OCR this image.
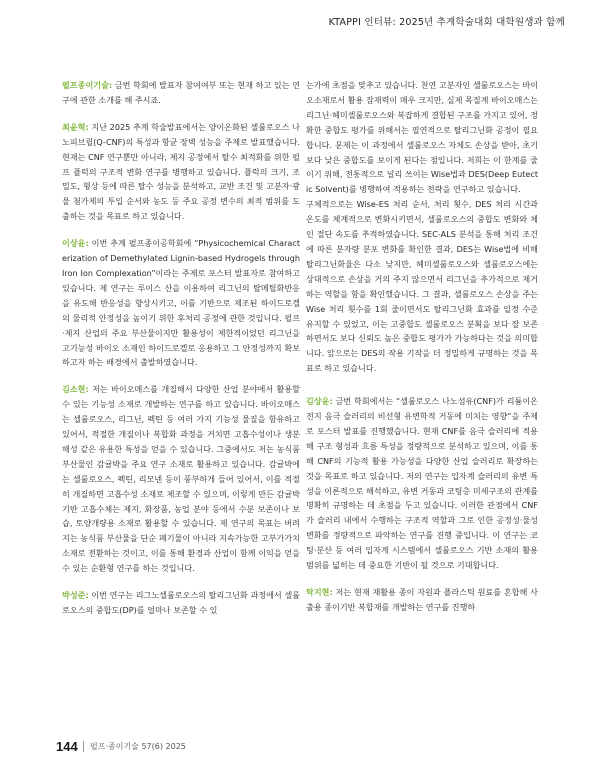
KTAPPI 인터뷰: 2025년 추계학술대회 대학원생과 함께

펄프종이기술: 금번 학회에 발표자 참여여부 또는 현재 하고 있는 연구에 관한 소개를 해 주시죠.

최윤혁: 지난 2025 추계 학술발표에서는 양이온화된 셀룰로오스 나노피브릴(Q-CNF)의 특성과 항균 장벽 성능을 주제로 발표했습니다. 현재는 CNF 연구뿐만 아니라, 제지 공정에서 탈수 최적화를 위한 펄프 플럭의 구조적 변화 연구를 병행하고 있습니다. 플럭의 크기, 조밀도, 형상 등에 따른 탈수 성능을 분석하고, 교반 조건 및 고분자·광물 첨가제의 투입 순서와 농도 등 주요 공정 변수의 최적 범위를 도출하는 것을 목표로 하고 있습니다.

이상윤: 이번 추계 펄프종이공학회에 “Physicochemical Characterization of Demethylated Lignin-based Hydrogels through Iron Ion Complexation”이라는 주제로 포스터 발표자로 참여하고 있습니다. 제 연구는 루이스 산을 이용하여 리그닌의 탈메틸화반응을 유도해 반응성을 향상시키고, 이를 기반으로 제조된 하이드로겔의 물리적 안정성을 높이기 위한 후처리 공정에 관한 것입니다. 펄프·제지 산업의 주요 부산물이지만 활용성이 제한적이었던 리그닌을 고기능성 바이오 소재인 하이드로겔로 응용하고 그 안정성까지 확보하고자 하는 배경에서 출발하였습니다.

김소현: 저는 바이오매스를 개질해서 다양한 산업 분야에서 활용할 수 있는 기능성 소재로 개발하는 연구를 하고 있습니다. 바이오매스는 셀룰로오스, 리그닌, 펙틴 등 여러 가지 기능성 물질을 함유하고 있어서, 적절한 개질이나 복합화 과정을 거치면 고흡수성이나 생분해성 같은 유용한 특성을 얻을 수 있습니다. 그중에서도 저는 농식품 부산물인 감귤박을 주요 연구 소재로 활용하고 있습니다. 감귤박에는 셀룰로오스, 펙틴, 리모넨 등이 풍부하게 들어 있어서, 이를 적절히 개질하면 고흡수성 소재로 제조할 수 있으며, 이렇게 만든 감귤박 기반 고흡수체는 제지, 화장품, 농업 분야 등에서 수분 보존이나 보습, 토양개량용 소재로 활용할 수 있습니다. 제 연구의 목표는 버려지는 농식품 부산물을 단순 폐기물이 아니라 지속가능한 고부가가치 소재로 전환하는 것이고, 이를 통해 환경과 산업이 함께 이익을 얻을 수 있는 순환형 연구를 하는 것입니다.

박성준: 이번 연구는 리그노셀룰로오스의 탈리그닌화 과정에서 셀룰로오스의 중합도(DP)를 얼마나 보존할 수 있

는가에 초점을 맞추고 있습니다. 천연 고분자인 셀룰로오스는 바이오소재로서 활용 잠재력이 매우 크지만, 실제 목질계 바이오매스는 리그닌·헤미셀룰로오스와 복잡하게 결합된 구조를 가지고 있어, 정확한 중합도 평가를 위해서는 필연적으로 탈리그닌화 공정이 필요합니다. 문제는 이 과정에서 셀룰로오스 자체도 손상을 받아, 초기보다 낮은 중합도를 보이게 된다는 점입니다. 저희는 이 한계를 줄이기 위해, 전통적으로 널리 쓰이는 Wise법과 DES(Deep Eutectic Solvent)를 병행하여 적용하는 전략을 연구하고 있습니다.

구체적으로는 Wise-ES 처리 순서, 처리 횟수, DES 처리 시간과 온도를 체계적으로 변화시키면서, 셀룰로오스의 중합도 변화와 체인 절단 속도를 추적하였습니다. SEC-ALS 분석을 통해 처리 조건에 따른 분자량 분포 변화를 확인한 결과, DES는 Wise법에 비해 탈리그닌화율은 다소 낮지만, 헤미셀룰로오스와 셀룰로오스에는 상대적으로 손상을 거의 주지 않으면서 리그닌을 추가적으로 제거하는 역할을 함을 확인했습니다. 그 결과, 셀룰로오스 손상을 주는 Wise 처리 횟수를 1회 줄이면서도 탈리그닌화 효과를 일정 수준 유지할 수 있었고, 이는 고중합도 셀룰로오스 분획을 보다 잘 보존하면서도 보다 신뢰도 높은 중합도 평가가 가능하다는 것을 의미합니다. 앞으로는 DES의 작용 기작을 더 정밀하게 규명하는 것을 목표로 하고 있습니다.

김상윤: 금번 학회에서는 “셀룰로오스 나노섬유(CNF)가 리튬이온전지 음극 슬러리의 비선형 유변학적 거동에 미치는 영향”을 주제로 포스터 발표를 진행했습니다. 현재 CNF를 음극 슬러리에 적용해 구조 형성과 흐름 특성을 정량적으로 분석하고 있으며, 이를 통해 CNF의 기능적 활용 가능성을 다양한 산업 슬러리로 확장하는 것을 목표로 하고 있습니다. 저의 연구는 입자계 슬러리의 유변 특성을 이론적으로 해석하고, 유변 거동과 코팅층 미세구조의 관계를 명확히 규명하는 데 초점을 두고 있습니다. 이러한 관점에서 CNF가 슬러리 내에서 수행하는 구조적 역할과 그로 인한 공정성·물성 변화를 정량적으로 파악하는 연구를 진행 중입니다. 이 연구는 코팅·분산 등 여러 입자계 시스템에서 셀룰로오스 기반 소재의 활용 범위를 넓히는 데 중요한 기반이 될 것으로 기대합니다.

탁지현: 저는 현재 재활용 종이 자원과 플라스틱 원료를 혼합해 사출용 종이기반 복합재를 개발하는 연구를 진행하

144 펄프·종이기술 57(6) 2025
